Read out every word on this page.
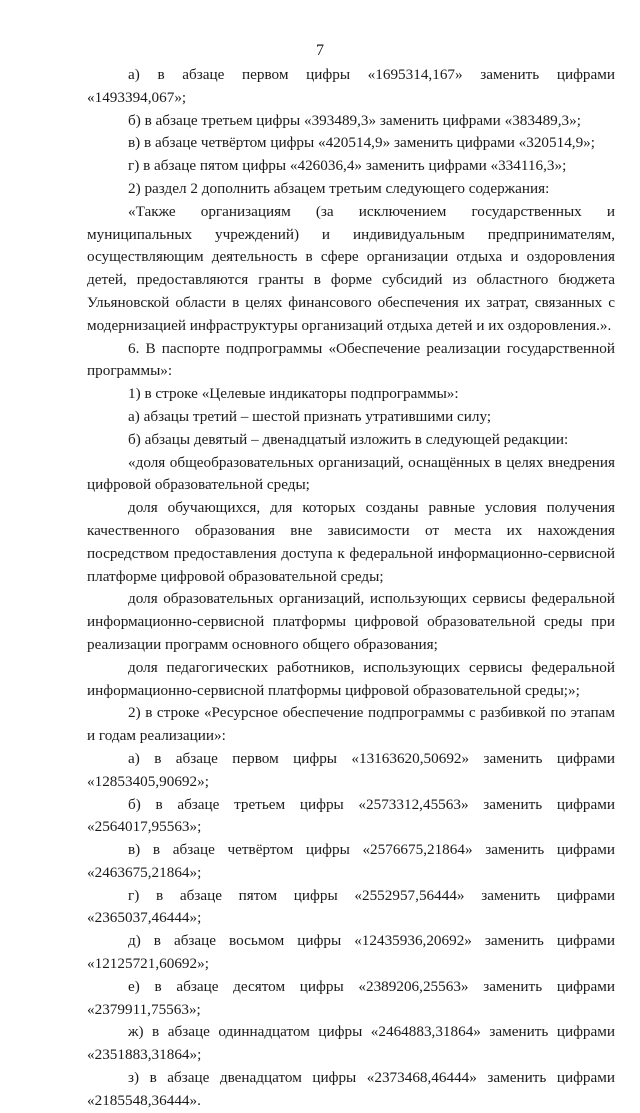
7

а) в абзаце первом цифры «1695314,167» заменить цифрами «1493394,067»;

б) в абзаце третьем цифры «393489,3» заменить цифрами «383489,3»;

в) в абзаце четвёртом цифры «420514,9» заменить цифрами «320514,9»;

г) в абзаце пятом цифры «426036,4» заменить цифрами «334116,3»;

2) раздел 2 дополнить абзацем третьим следующего содержания:

«Также организациям (за исключением государственных и муниципальных учреждений) и индивидуальным предпринимателям, осуществляющим деятельность в сфере организации отдыха и оздоровления детей, предоставляются гранты в форме субсидий из областного бюджета Ульяновской области в целях финансового обеспечения их затрат, связанных с модернизацией инфраструктуры организаций отдыха детей и их оздоровления.».

6. В паспорте подпрограммы «Обеспечение реализации государственной программы»:

1) в строке «Целевые индикаторы подпрограммы»:

а) абзацы третий – шестой признать утратившими силу;

б) абзацы девятый – двенадцатый изложить в следующей редакции:

«доля общеобразовательных организаций, оснащённых в целях внедрения цифровой образовательной среды;

доля обучающихся, для которых созданы равные условия получения качественного образования вне зависимости от места их нахождения посредством предоставления доступа к федеральной информационно-сервисной платформе цифровой образовательной среды;

доля образовательных организаций, использующих сервисы федеральной информационно-сервисной платформы цифровой образовательной среды при реализации программ основного общего образования;

доля педагогических работников, использующих сервисы федеральной информационно-сервисной платформы цифровой образовательной среды;»;

2) в строке «Ресурсное обеспечение подпрограммы с разбивкой по этапам и годам реализации»:

а) в абзаце первом цифры «13163620,50692» заменить цифрами «12853405,90692»;

б) в абзаце третьем цифры «2573312,45563» заменить цифрами «2564017,95563»;

в) в абзаце четвёртом цифры «2576675,21864» заменить цифрами «2463675,21864»;

г) в абзаце пятом цифры «2552957,56444» заменить цифрами «2365037,46444»;

д) в абзаце восьмом цифры «12435936,20692» заменить цифрами «12125721,60692»;

е) в абзаце десятом цифры «2389206,25563» заменить цифрами «2379911,75563»;

ж) в абзаце одиннадцатом цифры «2464883,31864» заменить цифрами «2351883,31864»;

з) в абзаце двенадцатом цифры «2373468,46444» заменить цифрами «2185548,36444».
